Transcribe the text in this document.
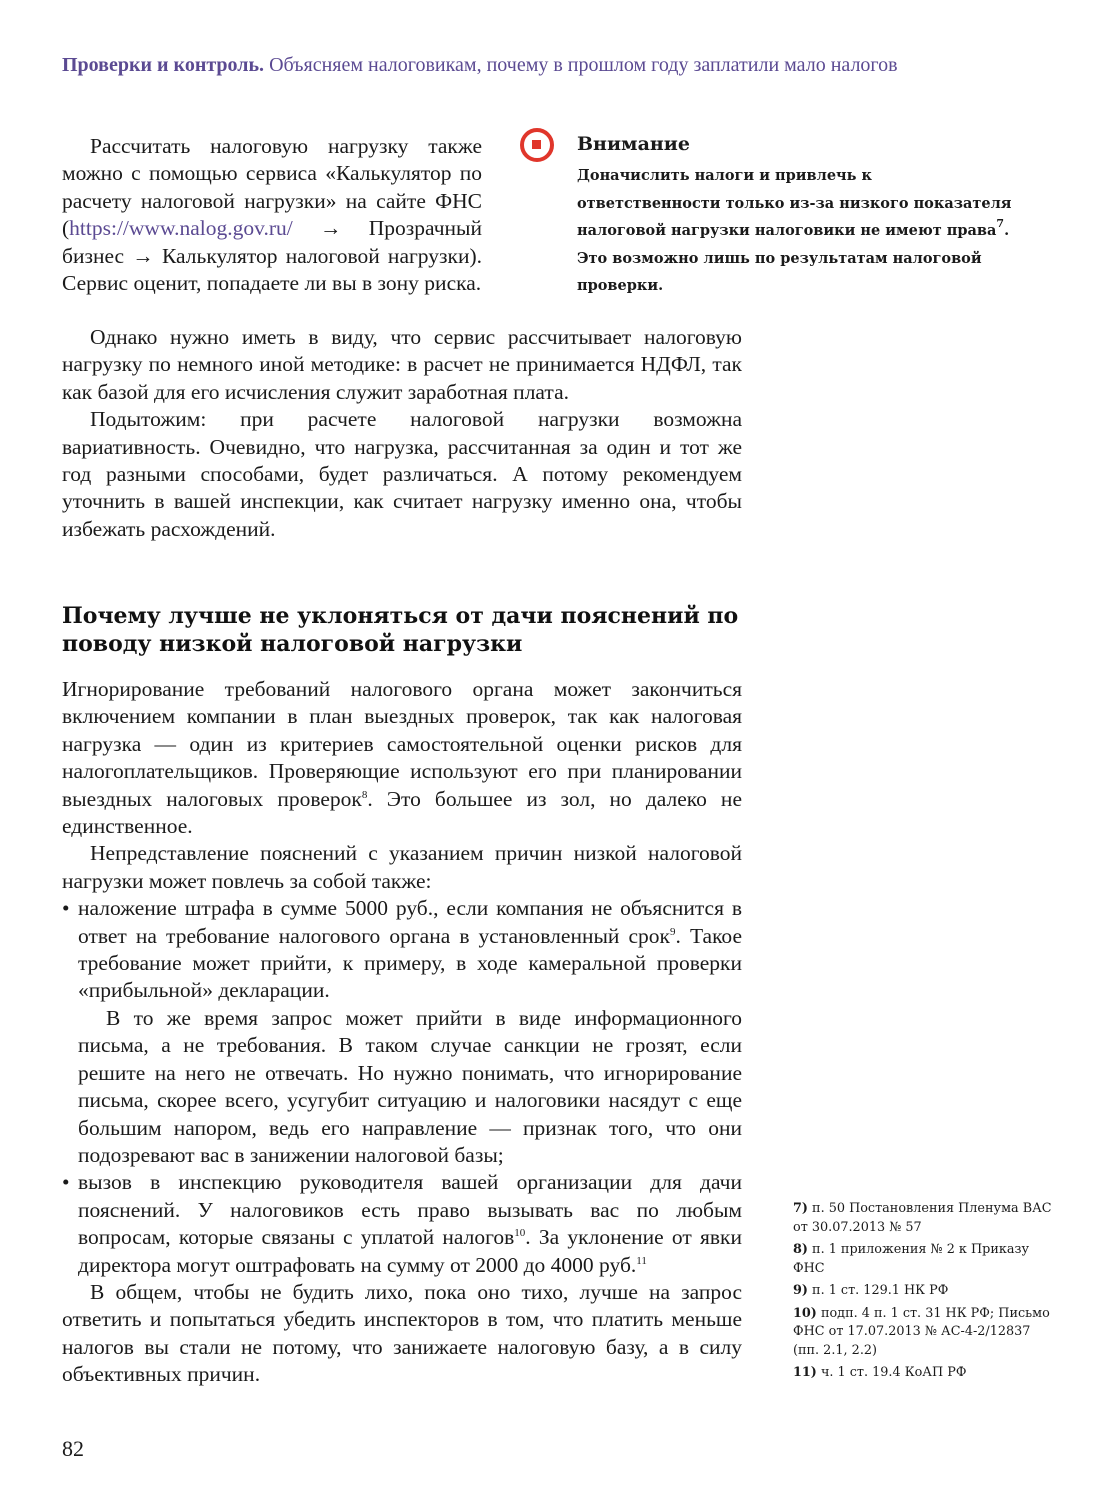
Проверки и контроль. Объясняем налоговикам, почему в прошлом году заплатили мало налогов

Рассчитать налоговую нагрузку также можно с помощью сервиса «Калькулятор по расчету налоговой нагрузки» на сайте ФНС (https://www.nalog.gov.ru/ → Прозрачный бизнес → Калькулятор налоговой нагрузки). Сервис оценит, попадаете ли вы в зону риска.

Однако нужно иметь в виду, что сервис рассчитывает налоговую нагрузку по немного иной методике: в расчет не принимается НДФЛ, так как базой для его исчисления служит заработная плата.

Подытожим: при расчете налоговой нагрузки возможна вариативность. Очевидно, что нагрузка, рассчитанная за один и тот же год разными способами, будет различаться. А потому рекомендуем уточнить в вашей инспекции, как считает нагрузку именно она, чтобы избежать расхождений.

Внимание
Доначислить налоги и привлечь к ответственности только из-за низкого показателя налоговой нагрузки налоговики не имеют права$^7$. Это возможно лишь по результатам налоговой проверки.
Почему лучше не уклоняться от дачи пояснений по поводу низкой налоговой нагрузки

Игнорирование требований налогового органа может закончиться включением компании в план выездных проверок, так как налоговая нагрузка — один из критериев самостоятельной оценки рисков для налогоплательщиков. Проверяющие используют его при планировании выездных налоговых проверок$^8$. Это большее из зол, но далеко не единственное.

Непредставление пояснений с указанием причин низкой налоговой нагрузки может повлечь за собой также:

• наложение штрафа в сумме 5000 руб., если компания не объяснится в ответ на требование налогового органа в установленный срок$^9$. Такое требование может прийти, к примеру, в ходе камеральной проверки «прибыльной» декларации.

В то же время запрос может прийти в виде информационного письма, а не требования. В таком случае санкции не грозят, если решите на него не отвечать. Но нужно понимать, что игнорирование письма, скорее всего, усугубит ситуацию и налоговики насядут с еще большим напором, ведь его направление — признак того, что они подозревают вас в занижении налоговой базы;

• вызов в инспекцию руководителя вашей организации для дачи пояснений. У налоговиков есть право вызывать вас по любым вопросам, которые связаны с уплатой налогов$^{10}$. За уклонение от явки директора могут оштрафовать на сумму от 2000 до 4000 руб.$^{11}$

В общем, чтобы не будить лихо, пока оно тихо, лучше на запрос ответить и попытаться убедить инспекторов в том, что платить меньше налогов вы стали не потому, что занижаете налоговую базу, а в силу объективных причин.

7) п. 50 Постановления Пленума ВАС от 30.07.2013 № 57
8) п. 1 приложения № 2 к Приказу ФНС
9) п. 1 ст. 129.1 НК РФ
10) подп. 4 п. 1 ст. 31 НК РФ; Письмо ФНС от 17.07.2013 № АС-4-2/12837 (пп. 2.1, 2.2)
11) ч. 1 ст. 19.4 КоАП РФ
82
